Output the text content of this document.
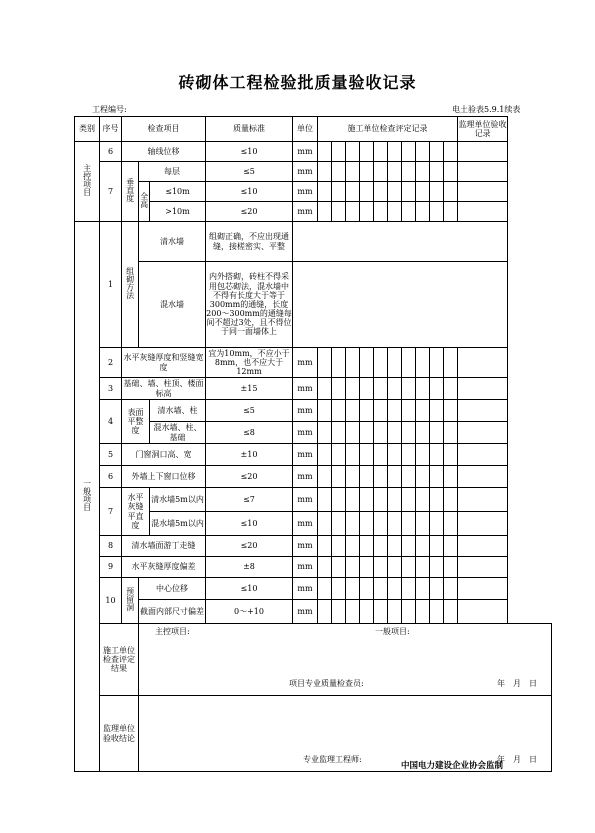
砖砌体工程检验批质量验收记录
工程编号:	电土验表5.9.1续表
类别	序号	检查项目			质量标准	单位	施工单位检查评定记录										监理单位验收记录
主控项目	6	轴线位移			≤10	mm											
	7	垂直度	每层		≤5	mm											
			全高	≤10m	≤10	mm											

				>10m	≤20	mm											
一般项目	1	组砌方法	清水墙		组砌正确，不应出现通缝，接槎密实、平整												
			混水墙		内外搭砌，砖柱不得采用包芯砌法，混水墙中不得有长度大于等于300mm的通缝，长度200～300mm的通缝每间不超过3处，且不得位于同一面墙体上												
	2	水平灰缝厚度和竖缝宽度			宜为10mm，不应小于8mm，也不应大于12mm	mm											
	3	基础、墙、柱顶、楼面标高			±15	mm											
	4	表面平整度		清水墙、柱	≤5	mm											
				混水墙、柱、基础	≤8	mm											
	5	门窗洞口高、宽			±10	mm											
	6	外墙上下窗口位移			≤20	mm											
	7	水平灰缝平直度		清水墙5m以内	≤7	mm											
				混水墙5m以内	≤10	mm											
	8	清水墙面游丁走缝			≤20	mm											
	9	水平灰缝厚度偏差			±8	mm											
	10	预留洞	中心位移		≤10	mm											
			截面内部尺寸偏差		0～+10	mm											
	施工单位检查评定结果		主控项目: 一般项目:
项目专业质量检查员: 年　月　日														

	监理单位验收结论		专业监理工程师: 年　月　日														
中国电力建设企业协会监制
